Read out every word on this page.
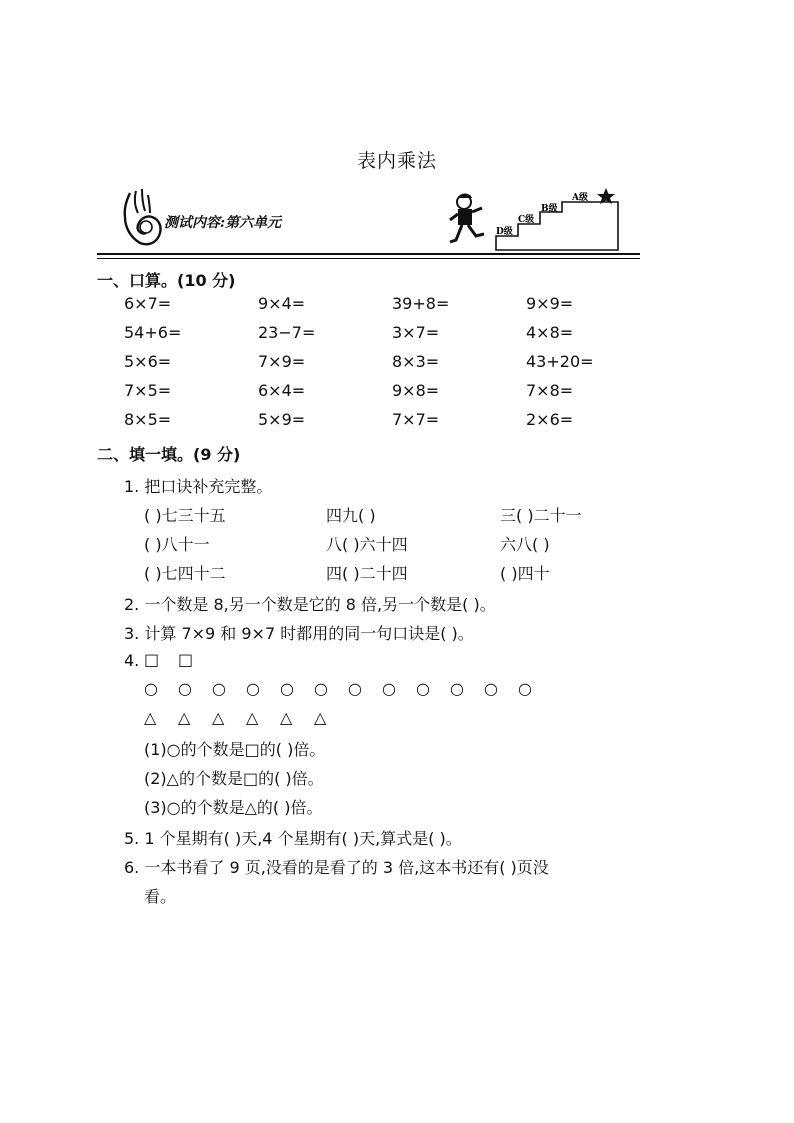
表内乘法
测试内容:第六单元
D级
C级
B级
A级
一、口算。(10 分)
6×7=	9×4=	39+8=	9×9=
54+6=	23−7=	3×7=	4×8=
5×6=	7×9=	8×3=	43+20=
7×5=	6×4=	9×8=	7×8=
8×5=	5×9=	7×7=	2×6=
二、填一填。(9 分)
1. 把口诀补充完整。
( )七三十五	四九( )	三( )二十一
( )八十一	八( )六十四	六八( )
( )七四十二	四( )二十四	( )四十
2. 一个数是 8,另一个数是它的 8 倍,另一个数是( )。
3. 计算 7×9 和 9×7 时都用的同一句口诀是( )。
4. □ □
○ ○ ○ ○ ○ ○ ○ ○ ○ ○ ○ ○
△ △ △ △ △ △
(1)○的个数是□的( )倍。
(2)△的个数是□的( )倍。
(3)○的个数是△的( )倍。
5. 1 个星期有( )天,4 个星期有( )天,算式是( )。
6. 一本书看了 9 页,没看的是看了的 3 倍,这本书还有( )页没
看。
